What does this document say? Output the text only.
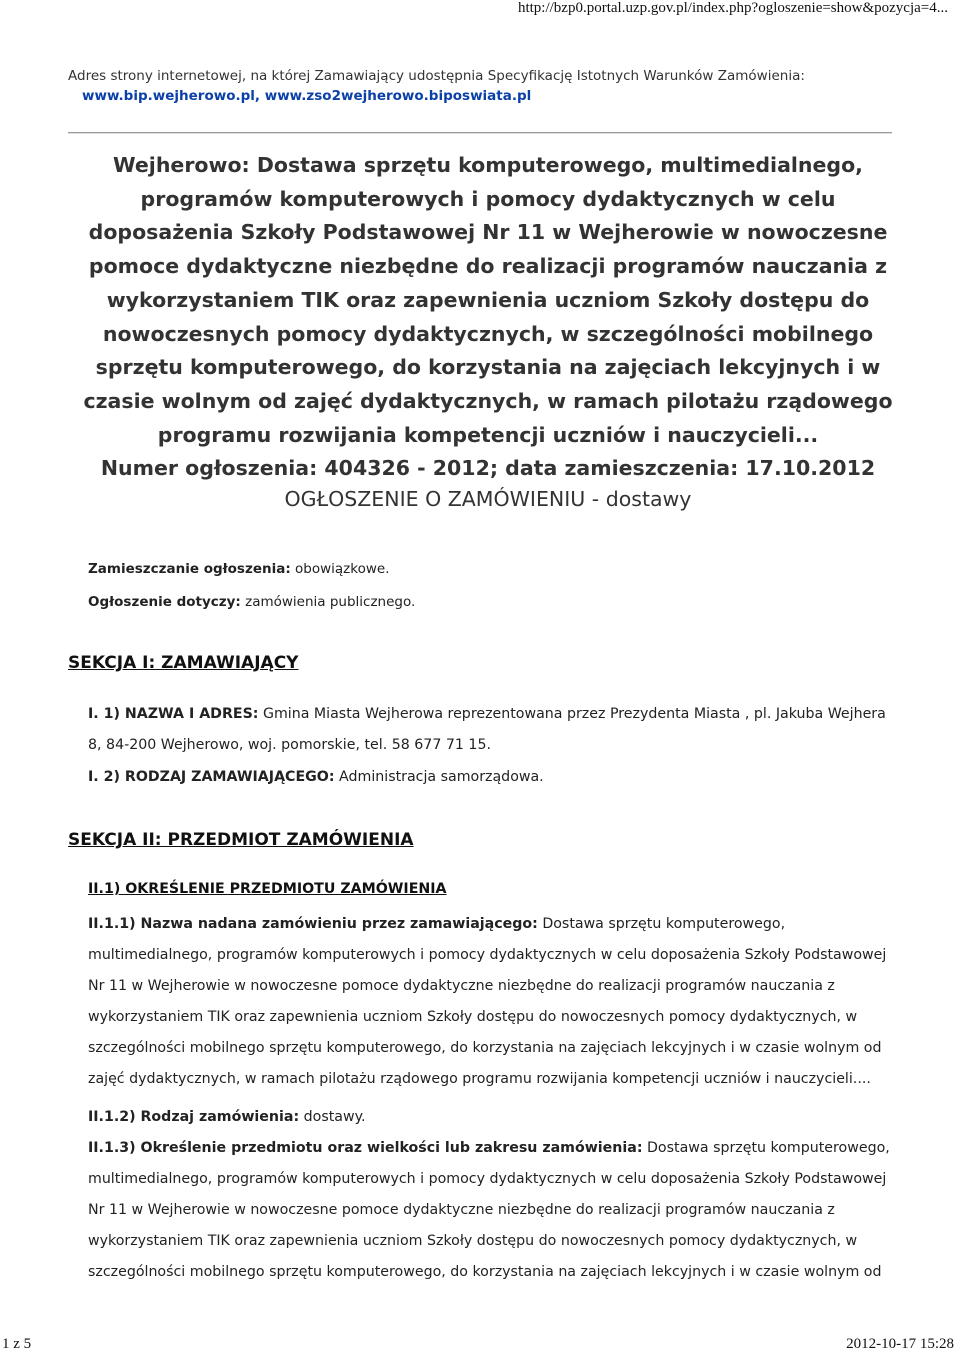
http://bzp0.portal.uzp.gov.pl/index.php?ogloszenie=show&pozycja=4...
Adres strony internetowej, na której Zamawiający udostępnia Specyfikację Istotnych Warunków Zamówienia:
www.bip.wejherowo.pl, www.zso2wejherowo.biposwiata.pl
Wejherowo: Dostawa sprzętu komputerowego, multimedialnego, programów komputerowych i pomocy dydaktycznych w celu doposażenia Szkoły Podstawowej Nr 11 w Wejherowie w nowoczesne pomoce dydaktyczne niezbędne do realizacji programów nauczania z wykorzystaniem TIK oraz zapewnienia uczniom Szkoły dostępu do nowoczesnych pomocy dydaktycznych, w szczególności mobilnego sprzętu komputerowego, do korzystania na zajęciach lekcyjnych i w czasie wolnym od zajęć dydaktycznych, w ramach pilotażu rządowego programu rozwijania kompetencji uczniów i nauczycieli...
Numer ogłoszenia: 404326 - 2012; data zamieszczenia: 17.10.2012
OGŁOSZENIE O ZAMÓWIENIU - dostawy
Zamieszczanie ogłoszenia: obowiązkowe.
Ogłoszenie dotyczy: zamówienia publicznego.
SEKCJA I: ZAMAWIAJĄCY
I. 1) NAZWA I ADRES: Gmina Miasta Wejherowa reprezentowana przez Prezydenta Miasta , pl. Jakuba Wejhera 8, 84-200 Wejherowo, woj. pomorskie, tel. 58 677 71 15.
I. 2) RODZAJ ZAMAWIAJĄCEGO: Administracja samorządowa.
SEKCJA II: PRZEDMIOT ZAMÓWIENIA
II.1) OKREŚLENIE PRZEDMIOTU ZAMÓWIENIA
II.1.1) Nazwa nadana zamówieniu przez zamawiającego: Dostawa sprzętu komputerowego, multimedialnego, programów komputerowych i pomocy dydaktycznych w celu doposażenia Szkoły Podstawowej Nr 11 w Wejherowie w nowoczesne pomoce dydaktyczne niezbędne do realizacji programów nauczania z wykorzystaniem TIK oraz zapewnienia uczniom Szkoły dostępu do nowoczesnych pomocy dydaktycznych, w szczególności mobilnego sprzętu komputerowego, do korzystania na zajęciach lekcyjnych i w czasie wolnym od zajęć dydaktycznych, w ramach pilotażu rządowego programu rozwijania kompetencji uczniów i nauczycieli....
II.1.2) Rodzaj zamówienia: dostawy.
II.1.3) Określenie przedmiotu oraz wielkości lub zakresu zamówienia: Dostawa sprzętu komputerowego, multimedialnego, programów komputerowych i pomocy dydaktycznych w celu doposażenia Szkoły Podstawowej Nr 11 w Wejherowie w nowoczesne pomoce dydaktyczne niezbędne do realizacji programów nauczania z wykorzystaniem TIK oraz zapewnienia uczniom Szkoły dostępu do nowoczesnych pomocy dydaktycznych, w szczególności mobilnego sprzętu komputerowego, do korzystania na zajęciach lekcyjnych i w czasie wolnym od
1 z 5	2012-10-17 15:28
